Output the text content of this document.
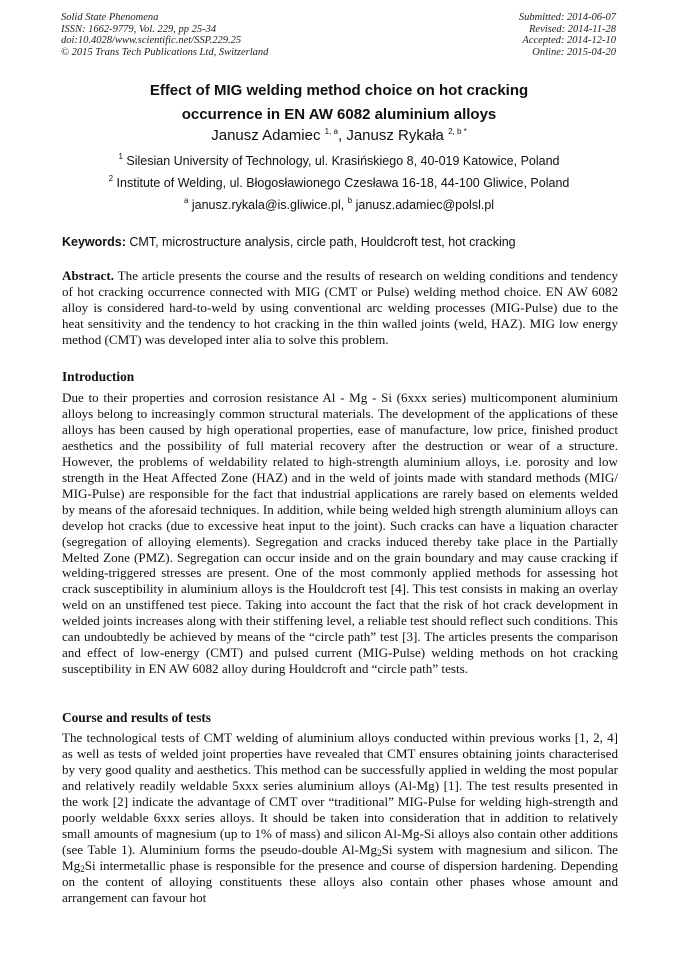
Solid State Phenomena
ISSN: 1662-9779, Vol. 229, pp 25-34
doi:10.4028/www.scientific.net/SSP.229.25
© 2015 Trans Tech Publications Ltd, Switzerland
Submitted: 2014-06-07
Revised: 2014-11-28
Accepted: 2014-12-10
Online: 2015-04-20
Effect of MIG welding method choice on hot cracking
occurrence in EN AW 6082 aluminium alloys
Janusz Adamiec $^{1, a}$, Janusz Rykała $^{2, b *}$
$^1$ Silesian University of Technology, ul. Krasińskiego 8, 40-019 Katowice, Poland
$^2$ Institute of Welding, ul. Błogosławionego Czesława 16-18, 44-100 Gliwice, Poland
$^a$ janusz.rykala@is.gliwice.pl, $^b$ janusz.adamiec@polsl.pl
Keywords: CMT, microstructure analysis, circle path, Houldcroft test, hot cracking
Abstract. The article presents the course and the results of research on welding conditions and tendency of hot cracking occurrence connected with MIG (CMT or Pulse) welding method choice. EN AW 6082 alloy is considered hard-to-weld by using conventional arc welding processes (MIG-Pulse) due to the heat sensitivity and the tendency to hot cracking in the thin walled joints (weld, HAZ). MIG low energy method (CMT) was developed inter alia to solve this problem.
Introduction
Due to their properties and corrosion resistance Al - Mg - Si (6xxx series) multicomponent aluminium alloys belong to increasingly common structural materials. The development of the applications of these alloys has been caused by high operational properties, ease of manufacture, low price, finished product aesthetics and the possibility of full material recovery after the destruction or wear of a structure. However, the problems of weldability related to high-strength aluminium alloys, i.e. porosity and low strength in the Heat Affected Zone (HAZ) and in the weld of joints made with standard methods (MIG/ MIG-Pulse) are responsible for the fact that industrial applications are rarely based on elements welded by means of the aforesaid techniques. In addition, while being welded high strength aluminium alloys can develop hot cracks (due to excessive heat input to the joint). Such cracks can have a liquation character (segregation of alloying elements). Segregation and cracks induced thereby take place in the Partially Melted Zone (PMZ). Segregation can occur inside and on the grain boundary and may cause cracking if welding-triggered stresses are present. One of the most commonly applied methods for assessing hot crack susceptibility in aluminium alloys is the Houldcroft test [4]. This test consists in making an overlay weld on an unstiffened test piece. Taking into account the fact that the risk of hot crack development in welded joints increases along with their stiffening level, a reliable test should reflect such conditions. This can undoubtedly be achieved by means of the “circle path” test [3]. The articles presents the comparison and effect of low-energy (CMT) and pulsed current (MIG-Pulse) welding methods on hot cracking susceptibility in EN AW 6082 alloy during Houldcroft and “circle path” tests.
Course and results of tests
The technological tests of CMT welding of aluminium alloys conducted within previous works [1, 2, 4] as well as tests of welded joint properties have revealed that CMT ensures obtaining joints characterised by very good quality and aesthetics. This method can be successfully applied in welding the most popular and relatively readily weldable 5xxx series aluminium alloys (Al-Mg) [1]. The test results presented in the work [2] indicate the advantage of CMT over “traditional” MIG-Pulse for welding high-strength and poorly weldable 6xxx series alloys. It should be taken into consideration that in addition to relatively small amounts of magnesium (up to 1% of mass) and silicon Al-Mg-Si alloys also contain other additions (see Table 1). Aluminium forms the pseudo-double $Al-Mg_2Si$ system with magnesium and silicon. The $Mg_2Si$ intermetallic phase is responsible for the presence and course of dispersion hardening. Depending on the content of alloying constituents these alloys also contain other phases whose amount and arrangement can favour hot
